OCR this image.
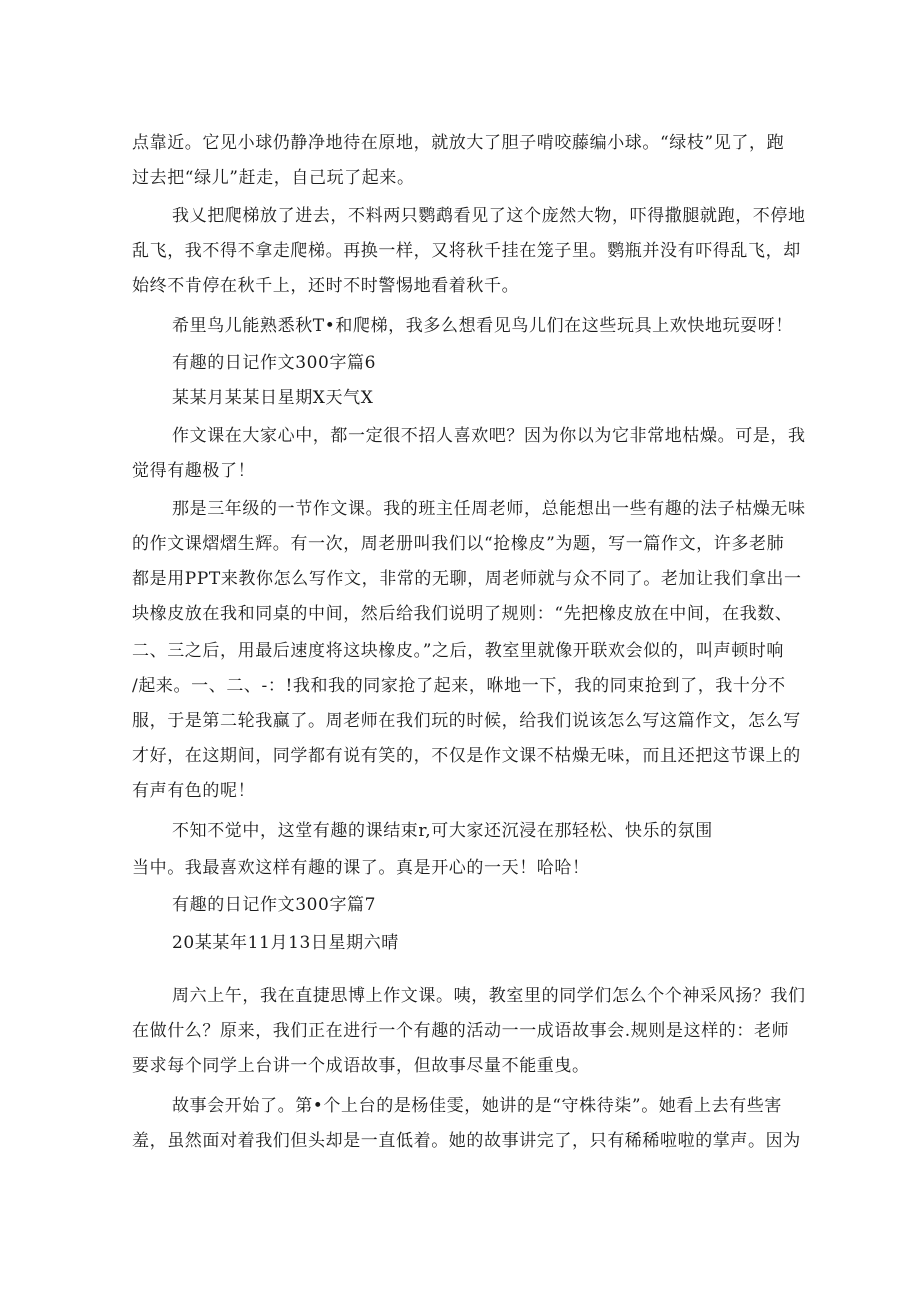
点靠近。它见小球仍静净地待在原地，就放大了胆子啃咬藤编小球。“绿枝”见了，跑
过去把“绿儿”赶走，自己玩了起来。
我乂把爬梯放了进去，不料两只鹦鹉看见了这个庞然大物，吓得撒腿就跑，不停地
乱飞，我不得不拿走爬梯。再换一样，又将秋千挂在笼子里。鹦瓶并没有吓得乱飞，却
始终不肯停在秋千上，还时不时警惕地看着秋千。
希里鸟儿能熟悉秋T•和爬梯，我多么想看见鸟儿们在这些玩具上欢快地玩耍呀！
有趣的日记作文300字篇6
某某月某某日星期X天气X
作文课在大家心中，都一定很不招人喜欢吧？因为你以为它非常地枯燥。可是，我
觉得有趣极了！
那是三年级的一节作文课。我的班主任周老师，总能想出一些有趣的法子枯燥无味
的作文课熠熠生辉。有一次，周老册叫我们以“抢橡皮”为题，写一篇作文，许多老肺
都是用PPT来教你怎么写作文，非常的无聊，周老师就与众不同了。老加让我们拿出一
块橡皮放在我和同桌的中间，然后给我们说明了规则：“先把橡皮放在中间，在我数、
二、三之后，用最后速度将这块橡皮。”之后，教室里就像开联欢会似的，叫声顿时响
/起来。一、二、-：!我和我的同家抢了起来，咻地一下，我的同束抢到了，我十分不
服，于是第二轮我赢了。周老师在我们玩的时候，给我们说该怎么写这篇作文，怎么写
才好，在这期间，同学都有说有笑的，不仅是作文课不枯燥无味，而且还把这节课上的
有声有色的呢！
不知不觉中，这堂有趣的课结束r,可大家还沉浸在那轻松、快乐的氛围
当中。我最喜欢这样有趣的课了。真是开心的一天！哈哈！
有趣的日记作文300字篇7
20某某年11月13日星期六晴
周六上午，我在直捷思博上作文课。咦，教室里的同学们怎么个个神采风扬？我们
在做什么？原来，我们正在进行一个有趣的活动一一成语故事会.规则是这样的：老师
要求每个同学上台讲一个成语故事，但故事尽量不能重曳。
故事会开始了。第•个上台的是杨佳雯，她讲的是“守株待柒”。她看上去有些害
羞，虽然面对着我们但头却是一直低着。她的故事讲完了，只有稀稀啦啦的掌声。因为
